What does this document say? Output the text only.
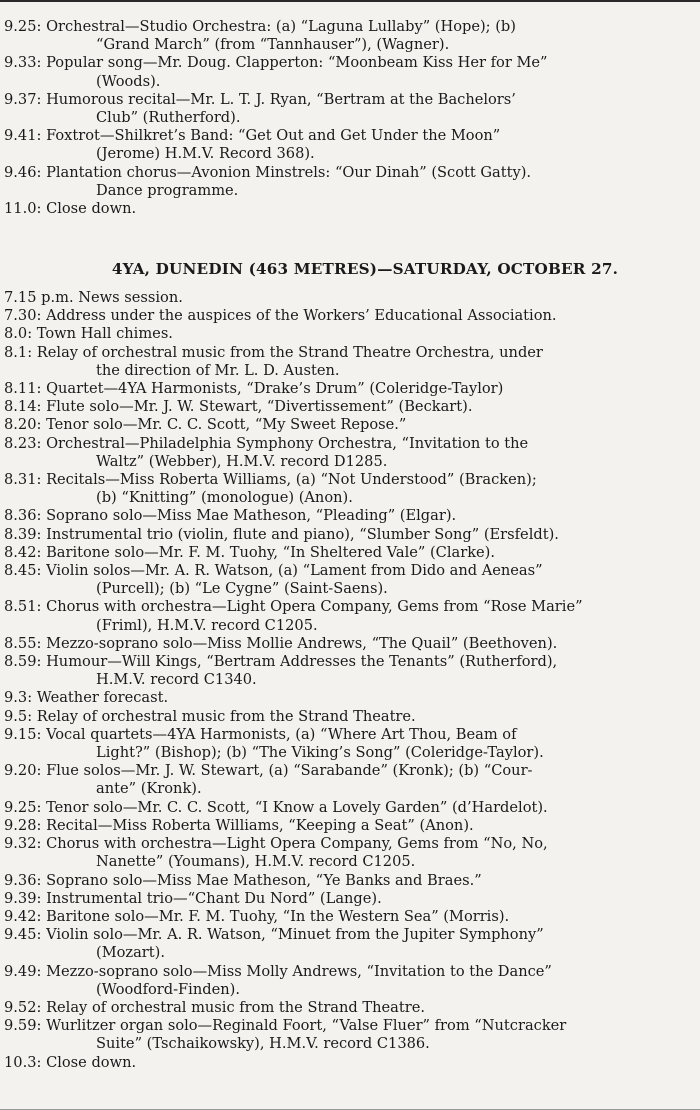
9.25: Orchestral—Studio Orchestra: (a) “Laguna Lullaby” (Hope); (b)
“Grand March” (from “Tannhauser”), (Wagner).
9.33: Popular song—Mr. Doug. Clapperton: “Moonbeam Kiss Her for Me”
(Woods).
9.37: Humorous recital—Mr. L. T. J. Ryan, “Bertram at the Bachelors’
Club” (Rutherford).
9.41: Foxtrot—Shilkret’s Band: “Get Out and Get Under the Moon”
(Jerome) H.M.V. Record 368).
9.46: Plantation chorus—Avonion Minstrels: “Our Dinah” (Scott Gatty).
Dance programme.
11.0: Close down.
4YA, DUNEDIN (463 METRES)—SATURDAY, OCTOBER 27.
7.15 p.m. News session.
7.30: Address under the auspices of the Workers’ Educational Association.
8.0: Town Hall chimes.
8.1: Relay of orchestral music from the Strand Theatre Orchestra, under
the direction of Mr. L. D. Austen.
8.11: Quartet—4YA Harmonists, “Drake’s Drum” (Coleridge-Taylor)
8.14: Flute solo—Mr. J. W. Stewart, “Divertissement” (Beckart).
8.20: Tenor solo—Mr. C. C. Scott, “My Sweet Repose.”
8.23: Orchestral—Philadelphia Symphony Orchestra, “Invitation to the
Waltz” (Webber), H.M.V. record D1285.
8.31: Recitals—Miss Roberta Williams, (a) “Not Understood” (Bracken);
(b) “Knitting” (monologue) (Anon).
8.36: Soprano solo—Miss Mae Matheson, “Pleading” (Elgar).
8.39: Instrumental trio (violin, flute and piano), “Slumber Song” (Ersfeldt).
8.42: Baritone solo—Mr. F. M. Tuohy, “In Sheltered Vale” (Clarke).
8.45: Violin solos—Mr. A. R. Watson, (a) “Lament from Dido and Aeneas”
(Purcell); (b) “Le Cygne” (Saint-Saens).
8.51: Chorus with orchestra—Light Opera Company, Gems from “Rose Marie”
(Friml), H.M.V. record C1205.
8.55: Mezzo-soprano solo—Miss Mollie Andrews, “The Quail” (Beethoven).
8.59: Humour—Will Kings, “Bertram Addresses the Tenants” (Rutherford),
H.M.V. record C1340.
9.3: Weather forecast.
9.5: Relay of orchestral music from the Strand Theatre.
9.15: Vocal quartets—4YA Harmonists, (a) “Where Art Thou, Beam of
Light?” (Bishop); (b) “The Viking’s Song” (Coleridge-Taylor).
9.20: Flue solos—Mr. J. W. Stewart, (a) “Sarabande” (Kronk); (b) “Cour-
ante” (Kronk).
9.25: Tenor solo—Mr. C. C. Scott, “I Know a Lovely Garden” (d’Hardelot).
9.28: Recital—Miss Roberta Williams, “Keeping a Seat” (Anon).
9.32: Chorus with orchestra—Light Opera Company, Gems from “No, No,
Nanette” (Youmans), H.M.V. record C1205.
9.36: Soprano solo—Miss Mae Matheson, “Ye Banks and Braes.”
9.39: Instrumental trio—“Chant Du Nord” (Lange).
9.42: Baritone solo—Mr. F. M. Tuohy, “In the Western Sea” (Morris).
9.45: Violin solo—Mr. A. R. Watson, “Minuet from the Jupiter Symphony”
(Mozart).
9.49: Mezzo-soprano solo—Miss Molly Andrews, “Invitation to the Dance”
(Woodford-Finden).
9.52: Relay of orchestral music from the Strand Theatre.
9.59: Wurlitzer organ solo—Reginald Foort, “Valse Fluer” from “Nutcracker
Suite” (Tschaikowsky), H.M.V. record C1386.
10.3: Close down.
